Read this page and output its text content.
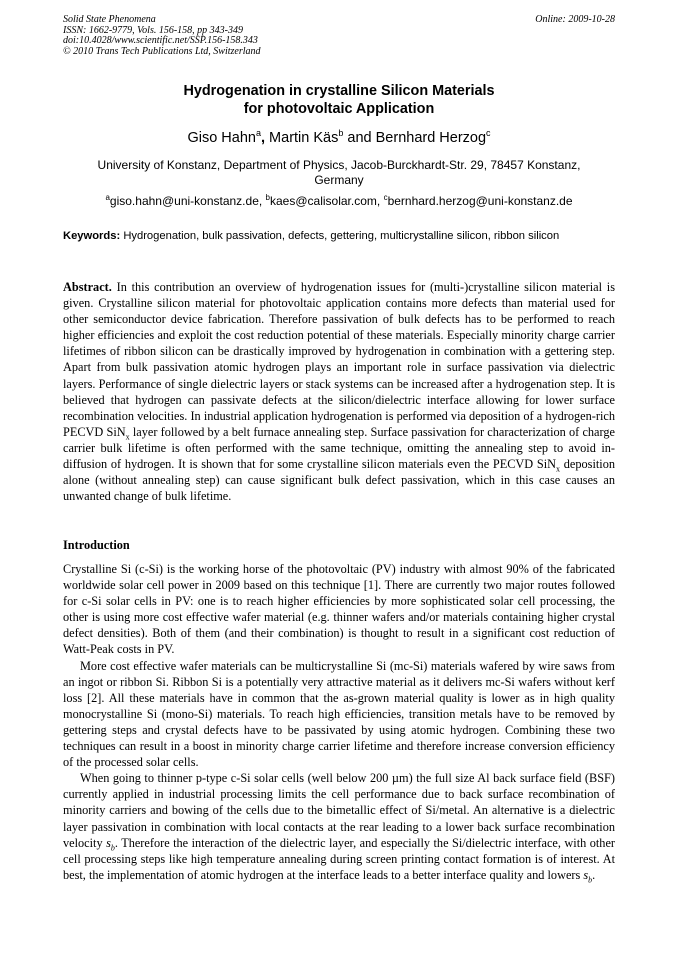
Solid State Phenomena
ISSN: 1662-9779, Vols. 156-158, pp 343-349
doi:10.4028/www.scientific.net/SSP.156-158.343
© 2010 Trans Tech Publications Ltd, Switzerland
Online: 2009-10-28
Hydrogenation in crystalline Silicon Materials
for photovoltaic Application
Giso Hahn$^a$, Martin Käs$^b$ and Bernhard Herzog$^c$
University of Konstanz, Department of Physics, Jacob-Burckhardt-Str. 29, 78457 Konstanz,
Germany
$^a$giso.hahn@uni-konstanz.de, $^b$kaes@calisolar.com, $^c$bernhard.herzog@uni-konstanz.de
Keywords: Hydrogenation, bulk passivation, defects, gettering, multicrystalline silicon, ribbon silicon

Abstract. In this contribution an overview of hydrogenation issues for (multi-)crystalline silicon material is given. Crystalline silicon material for photovoltaic application contains more defects than material used for other semiconductor device fabrication. Therefore passivation of bulk defects has to be performed to reach higher efficiencies and exploit the cost reduction potential of these materials. Especially minority charge carrier lifetimes of ribbon silicon can be drastically improved by hydrogenation in combination with a gettering step. Apart from bulk passivation atomic hydrogen plays an important role in surface passivation via dielectric layers. Performance of single dielectric layers or stack systems can be increased after a hydrogenation step. It is believed that hydrogen can passivate defects at the silicon/dielectric interface allowing for lower surface recombination velocities. In industrial application hydrogenation is performed via deposition of a hydrogen-rich PECVD SiN$_x$ layer followed by a belt furnace annealing step. Surface passivation for characterization of charge carrier bulk lifetime is often performed with the same technique, omitting the annealing step to avoid in-diffusion of hydrogen. It is shown that for some crystalline silicon materials even the PECVD SiN$_x$ deposition alone (without annealing step) can cause significant bulk defect passivation, which in this case causes an unwanted change of bulk lifetime.

Introduction

Crystalline Si (c-Si) is the working horse of the photovoltaic (PV) industry with almost 90% of the fabricated worldwide solar cell power in 2009 based on this technique [1]. There are currently two major routes followed for c-Si solar cells in PV: one is to reach higher efficiencies by more sophisticated solar cell processing, the other is using more cost effective wafer material (e.g. thinner wafers and/or materials containing higher crystal defect densities). Both of them (and their combination) is thought to result in a significant cost reduction of Watt-Peak costs in PV.

More cost effective wafer materials can be multicrystalline Si (mc-Si) materials wafered by wire saws from an ingot or ribbon Si. Ribbon Si is a potentially very attractive material as it delivers mc-Si wafers without kerf loss [2]. All these materials have in common that the as-grown material quality is lower as in high quality monocrystalline Si (mono-Si) materials. To reach high efficiencies, transition metals have to be removed by gettering steps and crystal defects have to be passivated by using atomic hydrogen. Combining these two techniques can result in a boost in minority charge carrier lifetime and therefore increase conversion efficiency of the processed solar cells.

When going to thinner p-type c-Si solar cells (well below 200 µm) the full size Al back surface field (BSF) currently applied in industrial processing limits the cell performance due to back surface recombination of minority carriers and bowing of the cells due to the bimetallic effect of Si/metal. An alternative is a dielectric layer passivation in combination with local contacts at the rear leading to a lower back surface recombination velocity $s_b$. Therefore the interaction of the dielectric layer, and especially the Si/dielectric interface, with other cell processing steps like high temperature annealing during screen printing contact formation is of interest. At best, the implementation of atomic hydrogen at the interface leads to a better interface quality and lowers $s_b$.
